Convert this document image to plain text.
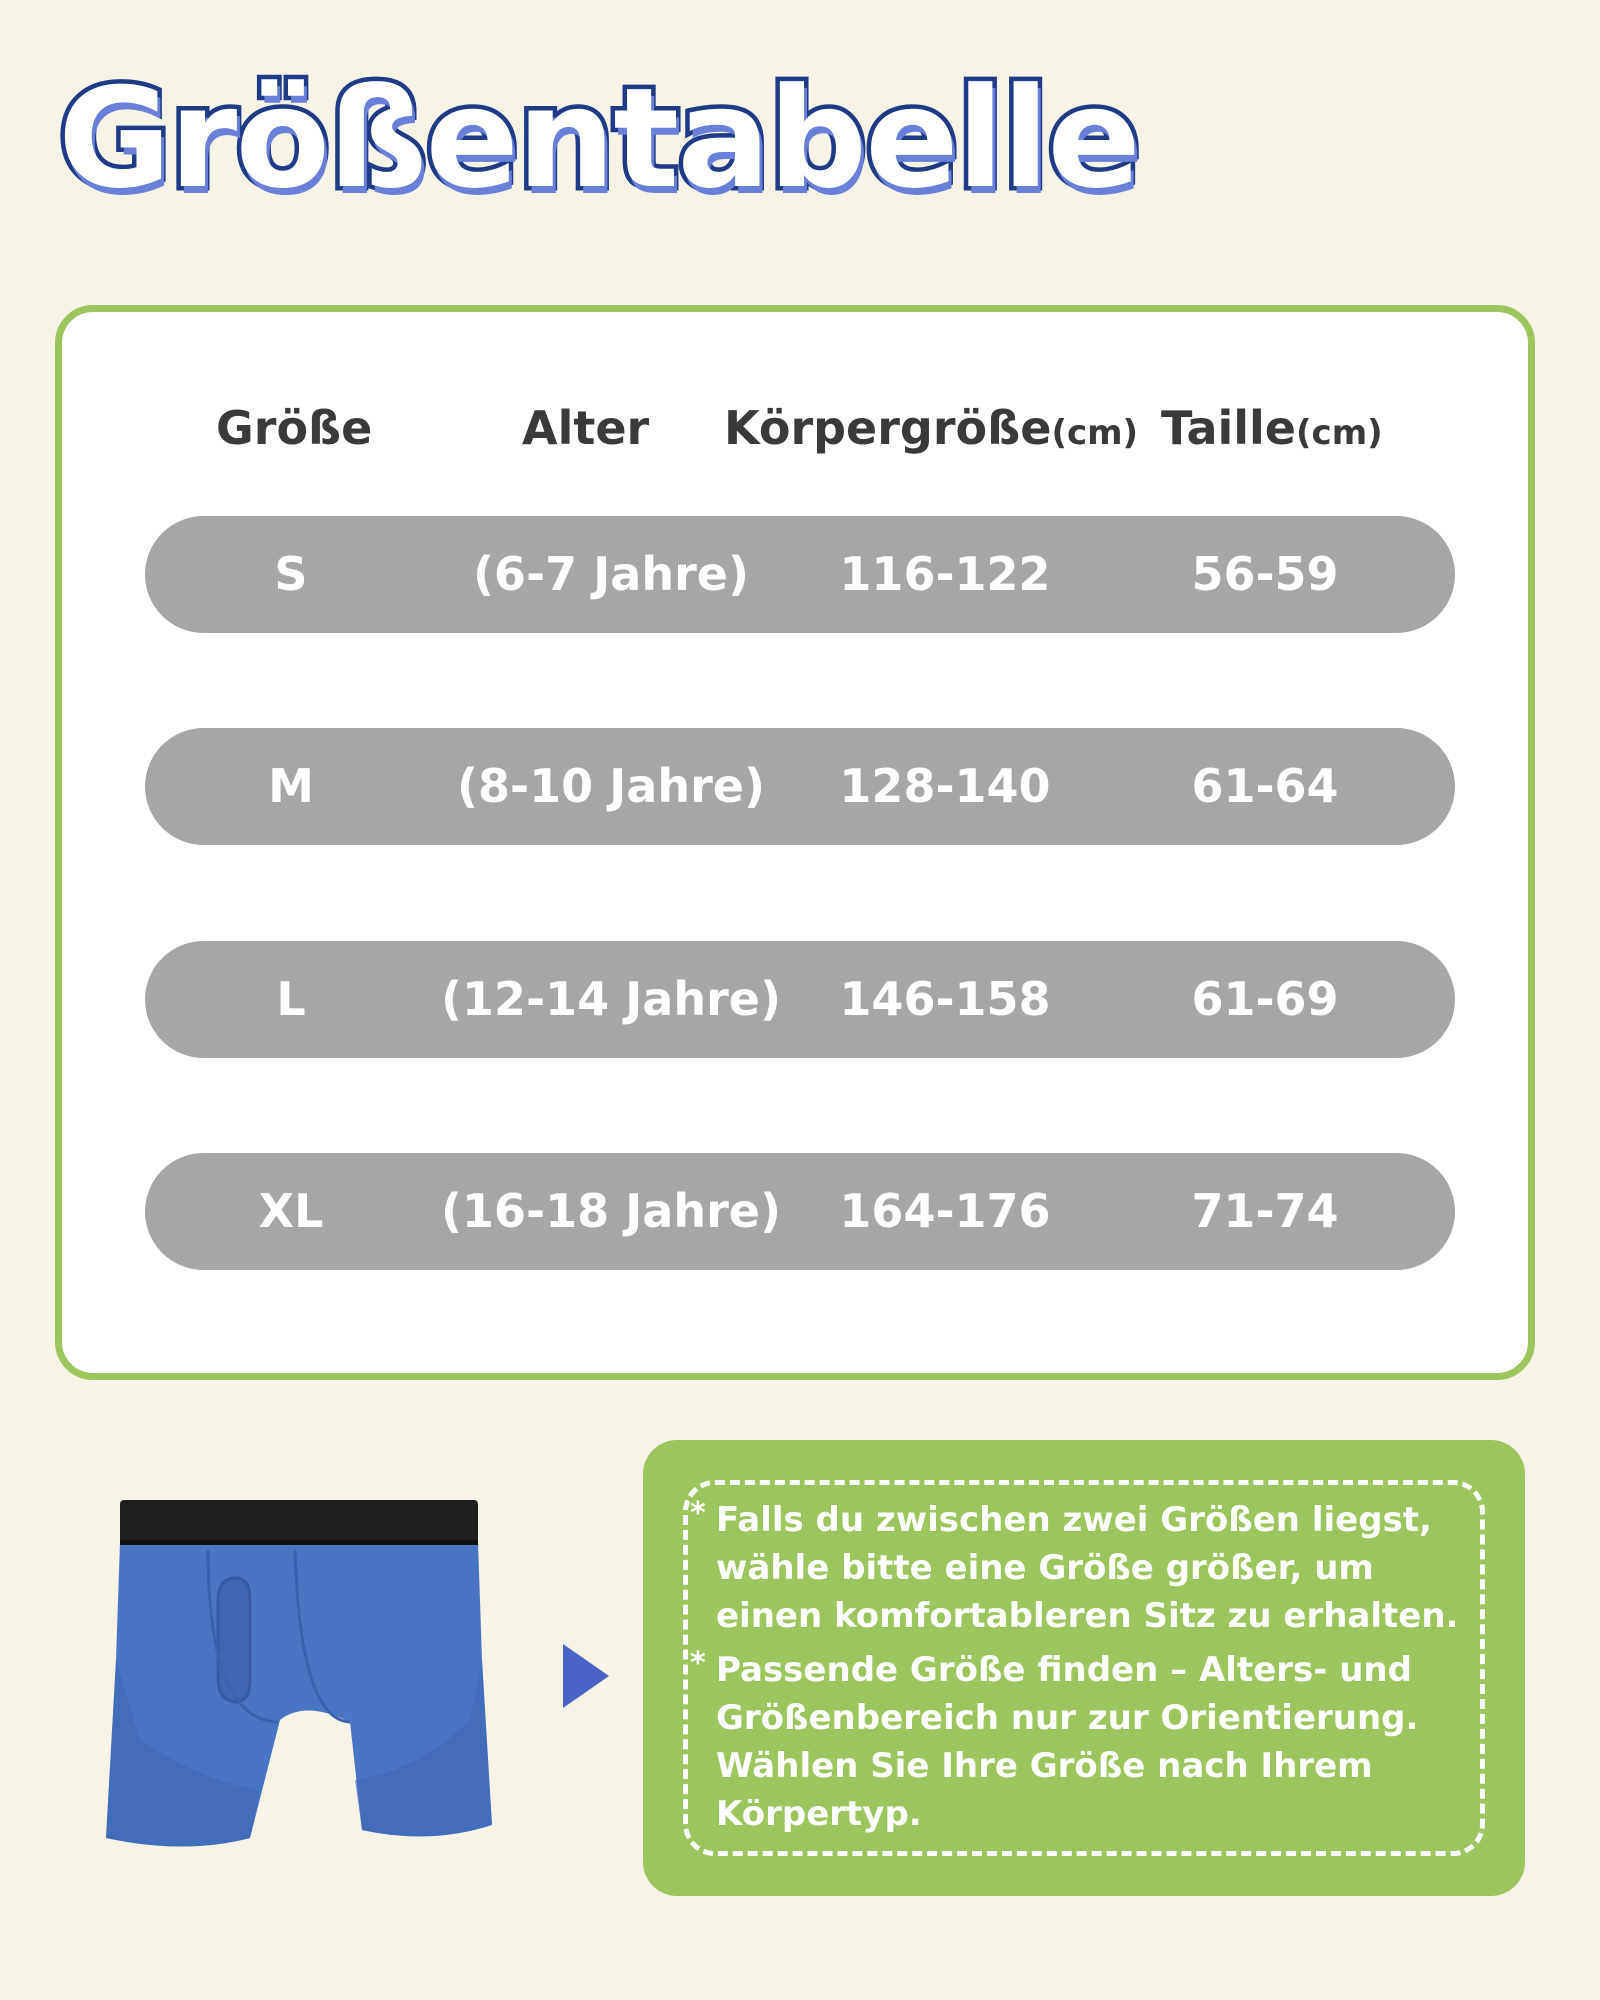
Größentabelle
Größe	Alter Körpergröße(cm) Taille(cm)
S	(6-7 Jahre) 116-122	56-59
M	(8-10 Jahre) 128-140	61-64
L	(12-14 Jahre) 146-158	61-69
XL	(16-18 Jahre) 164-176	71-74
* Falls du zwischen zwei Größen liegst, wähle bitte eine Größe größer, um einen komfortableren Sitz zu erhalten.
* Passende Größe finden – Alters- und Größenbereich nur zur Orientierung. Wählen Sie Ihre Größe nach Ihrem Körpertyp.
